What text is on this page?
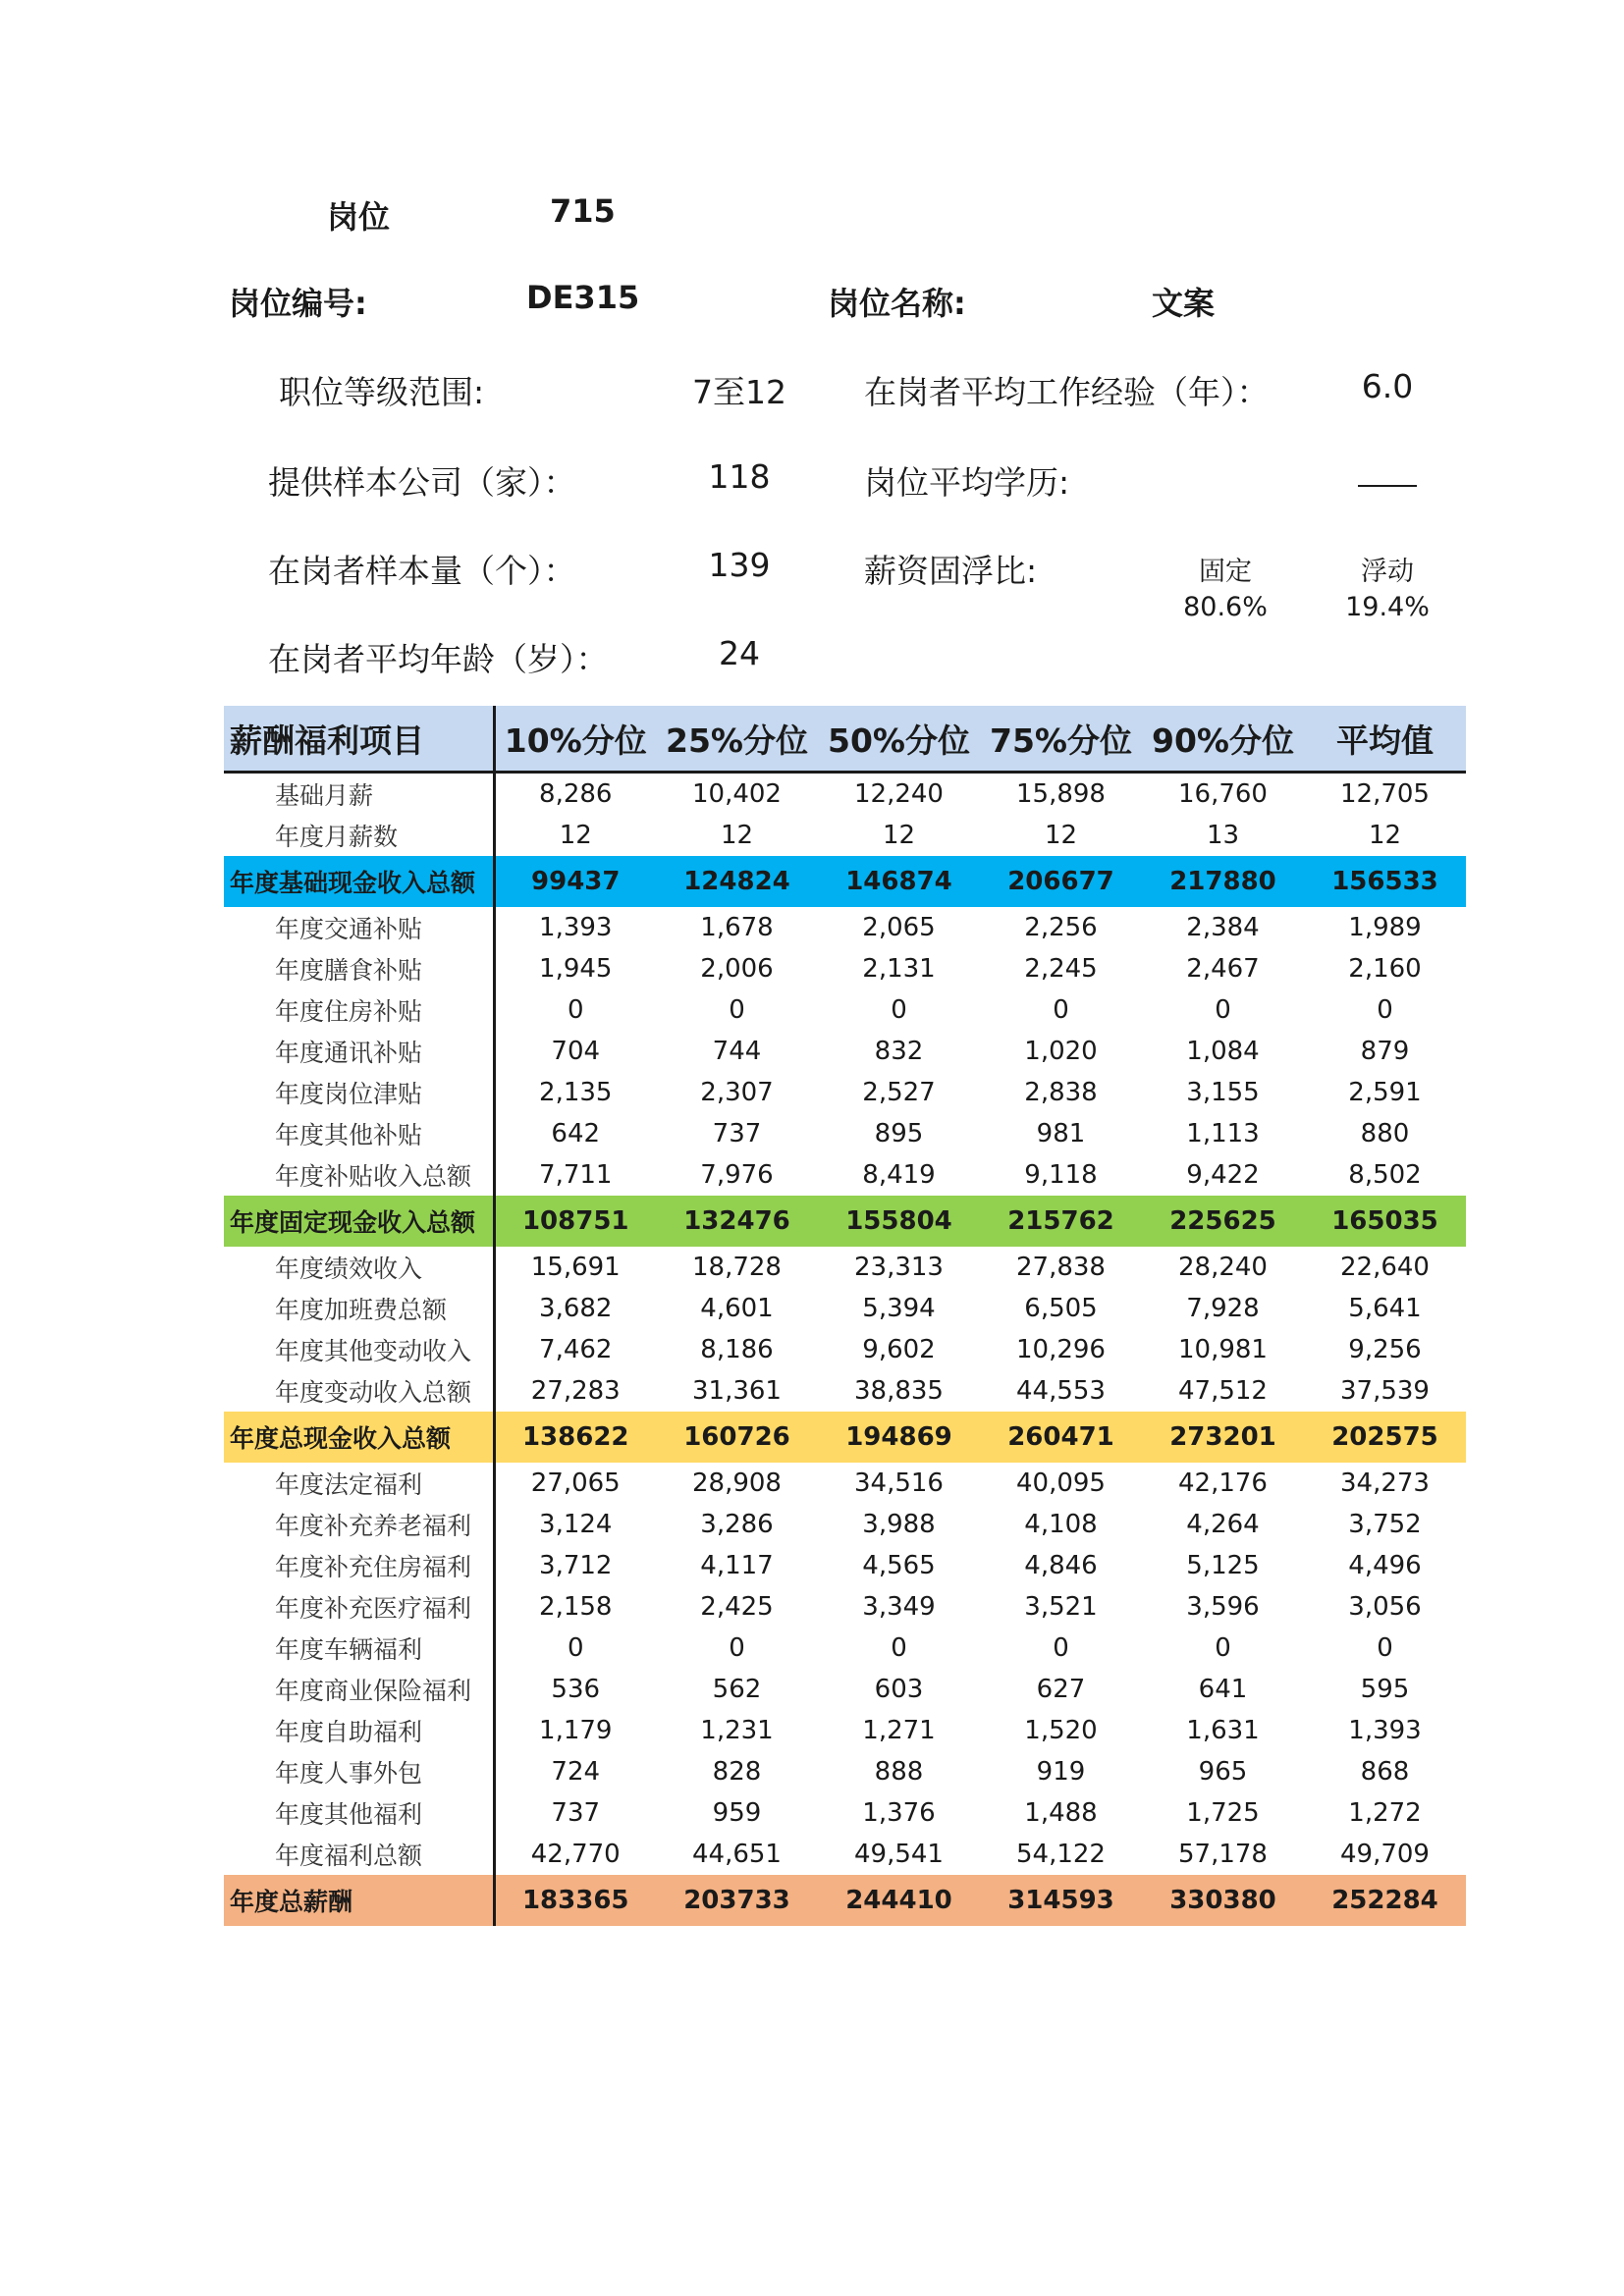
岗位	715
岗位编号:	DE315	岗位名称:	文案
职位等级范围:	7至12	在岗者平均工作经验（年）：	6.0
提供样本公司（家）：	118	岗位平均学历:
在岗者样本量（个）：	139	薪资固浮比:	固定	浮动
80.6%	19.4%
在岗者平均年龄（岁）：	24
薪酬福利项目	10%分位	25%分位	50%分位	75%分位	90%分位	平均值
基础月薪	8,286	10,402	12,240	15,898	16,760	12,705
年度月薪数	12	12	12	12	13	12
年度基础现金收入总额	99437	124824	146874	206677	217880	156533
年度交通补贴	1,393	1,678	2,065	2,256	2,384	1,989
年度膳食补贴	1,945	2,006	2,131	2,245	2,467	2,160
年度住房补贴	0	0	0	0	0	0
年度通讯补贴	704	744	832	1,020	1,084	879
年度岗位津贴	2,135	2,307	2,527	2,838	3,155	2,591
年度其他补贴	642	737	895	981	1,113	880
年度补贴收入总额	7,711	7,976	8,419	9,118	9,422	8,502
年度固定现金收入总额	108751	132476	155804	215762	225625	165035
年度绩效收入	15,691	18,728	23,313	27,838	28,240	22,640
年度加班费总额	3,682	4,601	5,394	6,505	7,928	5,641
年度其他变动收入	7,462	8,186	9,602	10,296	10,981	9,256
年度变动收入总额	27,283	31,361	38,835	44,553	47,512	37,539
年度总现金收入总额	138622	160726	194869	260471	273201	202575
年度法定福利	27,065	28,908	34,516	40,095	42,176	34,273
年度补充养老福利	3,124	3,286	3,988	4,108	4,264	3,752
年度补充住房福利	3,712	4,117	4,565	4,846	5,125	4,496
年度补充医疗福利	2,158	2,425	3,349	3,521	3,596	3,056
年度车辆福利	0	0	0	0	0	0
年度商业保险福利	536	562	603	627	641	595
年度自助福利	1,179	1,231	1,271	1,520	1,631	1,393
年度人事外包	724	828	888	919	965	868
年度其他福利	737	959	1,376	1,488	1,725	1,272
年度福利总额	42,770	44,651	49,541	54,122	57,178	49,709
年度总薪酬	183365	203733	244410	314593	330380	252284
